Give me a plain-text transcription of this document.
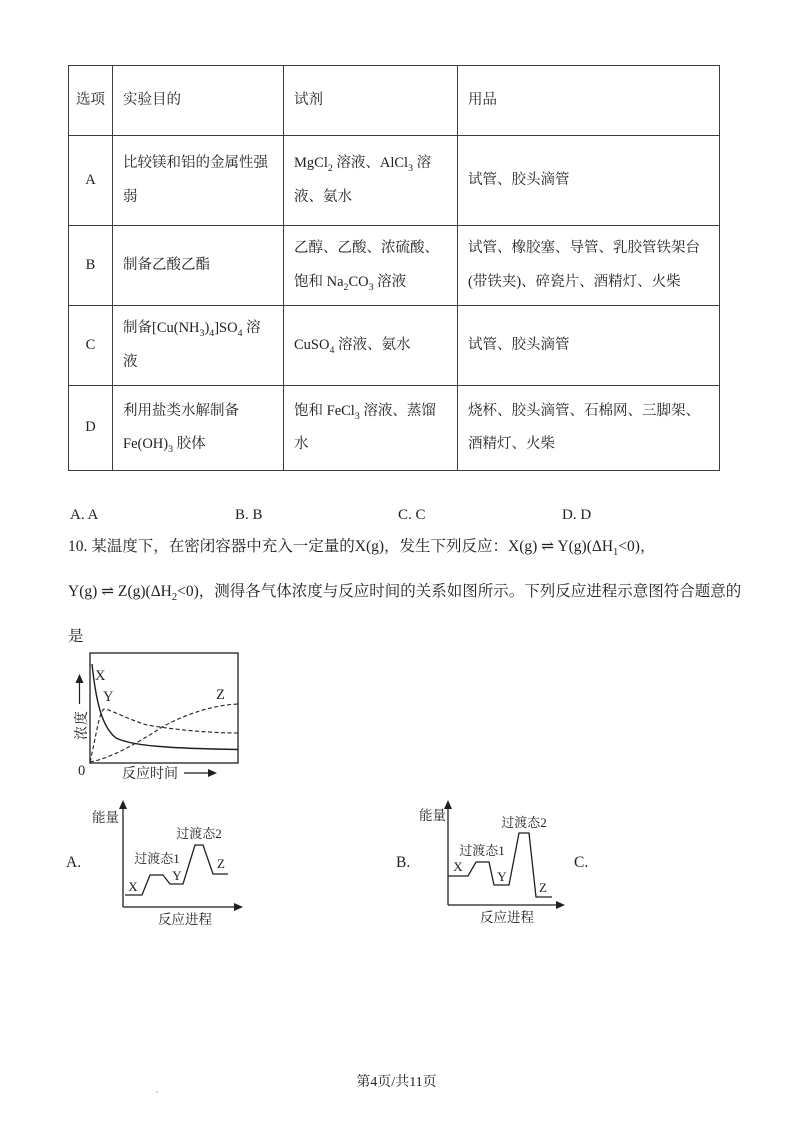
选项	实验目的	试剂	用品
A	比较镁和铝的金属性强弱	MgCl$_2$ 溶液、AlCl$_3$ 溶液、氨水	试管、胶头滴管
B	制备乙酸乙酯	乙醇、乙酸、浓硫酸、饱和 $Na_2CO_3$ 溶液	试管、橡胶塞、导管、乳胶管铁架台(带铁夹)、碎瓷片、酒精灯、火柴
C	制备$[Cu(NH_3)_4]SO_4$ 溶液	CuSO$_4$ 溶液、氨水	试管、胶头滴管
D	利用盐类水解制备 $Fe(OH)_3$ 胶体	饱和 FeCl$_3$ 溶液、蒸馏水	烧杯、胶头滴管、石棉网、三脚架、酒精灯、火柴
A. A	B. B	C. C	D. D
10. 某温度下，在密闭容器中充入一定量的X(g)，发生下列反应：X(g) ⇌ $Y(g)(\Delta H_1<0)$，
Y(g) ⇌ $Z(g)(\Delta H_2<0)$，测得各气体浓度与反应时间的关系如图所示。下列反应进程示意图符合题意的
是
浓度
X
Y	Z
0	反应时间
A.
能量
X
过渡态1
Y
过渡态2
Z
反应进程
B.
能量
X
过渡态1
Y
过渡态2
Z
反应进程
C.
第4页/共11页
